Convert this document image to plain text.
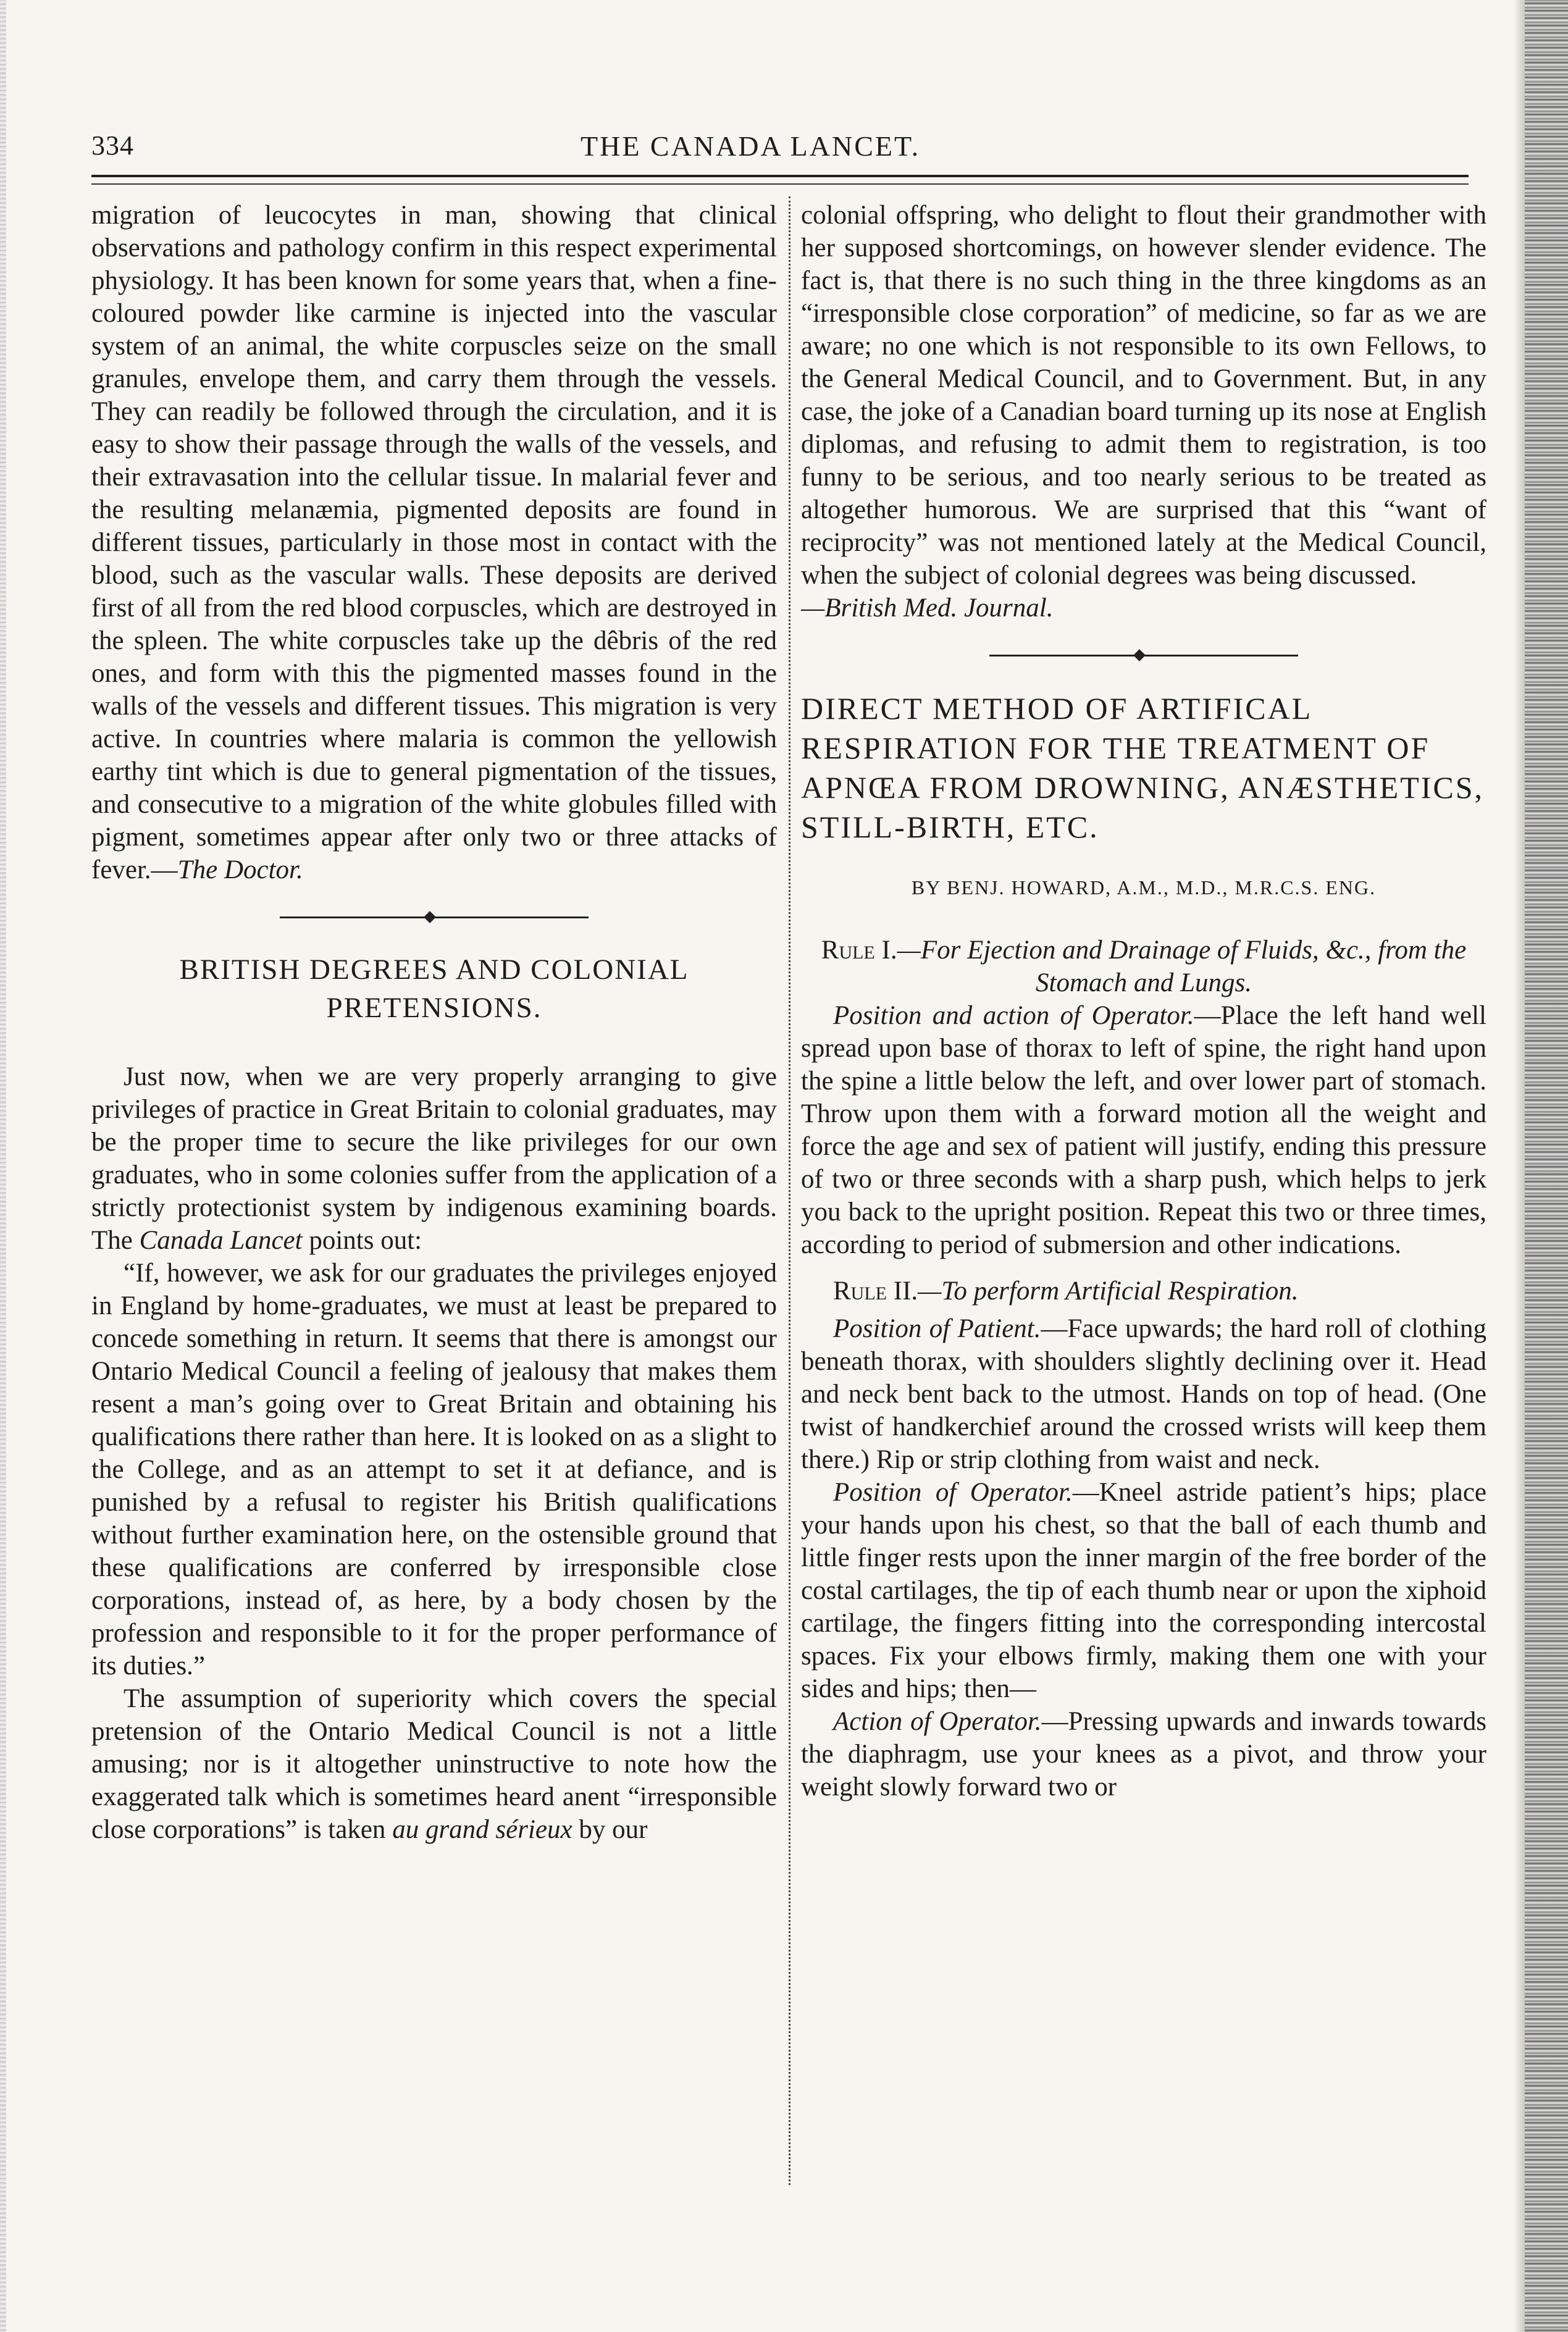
334	THE CANADA LANCET.

migration of leucocytes in man, showing that clinical observations and pathology confirm in this respect experimental physiology. It has been known for some years that, when a fine-coloured powder like carmine is injected into the vascular system of an animal, the white corpuscles seize on the small granules, envelope them, and carry them through the vessels. They can readily be followed through the circulation, and it is easy to show their passage through the walls of the vessels, and their extravasation into the cellular tissue. In malarial fever and the resulting melanæmia, pigmented deposits are found in different tissues, particularly in those most in contact with the blood, such as the vascular walls. These deposits are derived first of all from the red blood corpuscles, which are destroyed in the spleen. The white corpuscles take up the dêbris of the red ones, and form with this the pigmented masses found in the walls of the vessels and different tissues. This migration is very active. In countries where malaria is common the yellowish earthy tint which is due to general pigmentation of the tissues, and consecutive to a migration of the white globules filled with pigment, sometimes appear after only two or three attacks of fever.—The Doctor.

BRITISH DEGREES AND COLONIAL PRETENSIONS.

Just now, when we are very properly arranging to give privileges of practice in Great Britain to colonial graduates, may be the proper time to secure the like privileges for our own graduates, who in some colonies suffer from the application of a strictly protectionist system by indigenous examining boards. The Canada Lancet points out:

“If, however, we ask for our graduates the privileges enjoyed in England by home-graduates, we must at least be prepared to concede something in return. It seems that there is amongst our Ontario Medical Council a feeling of jealousy that makes them resent a man’s going over to Great Britain and obtaining his qualifications there rather than here. It is looked on as a slight to the College, and as an attempt to set it at defiance, and is punished by a refusal to register his British qualifications without further examination here, on the ostensible ground that these qualifications are conferred by irresponsible close corporations, instead of, as here, by a body chosen by the profession and responsible to it for the proper performance of its duties.”

The assumption of superiority which covers the special pretension of the Ontario Medical Council is not a little amusing; nor is it altogether uninstructive to note how the exaggerated talk which is sometimes heard anent “irresponsible close corporations” is taken au grand sérieux by our

colonial offspring, who delight to flout their grandmother with her supposed shortcomings, on however slender evidence. The fact is, that there is no such thing in the three kingdoms as an “irresponsible close corporation” of medicine, so far as we are aware; no one which is not responsible to its own Fellows, to the General Medical Council, and to Government. But, in any case, the joke of a Canadian board turning up its nose at English diplomas, and refusing to admit them to registration, is too funny to be serious, and too nearly serious to be treated as altogether humorous. We are surprised that this “want of reciprocity” was not mentioned lately at the Medical Council, when the subject of colonial degrees was being discussed.

—British Med. Journal.

DIRECT METHOD OF ARTIFICAL RESPIRATION FOR THE TREATMENT OF APNŒA FROM DROWNING, ANÆSTHETICS, STILL-BIRTH, ETC.
BY BENJ. HOWARD, A.M., M.D., M.R.C.S. ENG.

Rule I.—For Ejection and Drainage of Fluids, &c., from the Stomach and Lungs.

Position and action of Operator.—Place the left hand well spread upon base of thorax to left of spine, the right hand upon the spine a little below the left, and over lower part of stomach. Throw upon them with a forward motion all the weight and force the age and sex of patient will justify, ending this pressure of two or three seconds with a sharp push, which helps to jerk you back to the upright position. Repeat this two or three times, according to period of submersion and other indications.

Rule II.—To perform Artificial Respiration.

Position of Patient.—Face upwards; the hard roll of clothing beneath thorax, with shoulders slightly declining over it. Head and neck bent back to the utmost. Hands on top of head. (One twist of handkerchief around the crossed wrists will keep them there.) Rip or strip clothing from waist and neck.

Position of Operator.—Kneel astride patient’s hips; place your hands upon his chest, so that the ball of each thumb and little finger rests upon the inner margin of the free border of the costal cartilages, the tip of each thumb near or upon the xiphoid cartilage, the fingers fitting into the corresponding intercostal spaces. Fix your elbows firmly, making them one with your sides and hips; then—

Action of Operator.—Pressing upwards and inwards towards the diaphragm, use your knees as a pivot, and throw your weight slowly forward two or
